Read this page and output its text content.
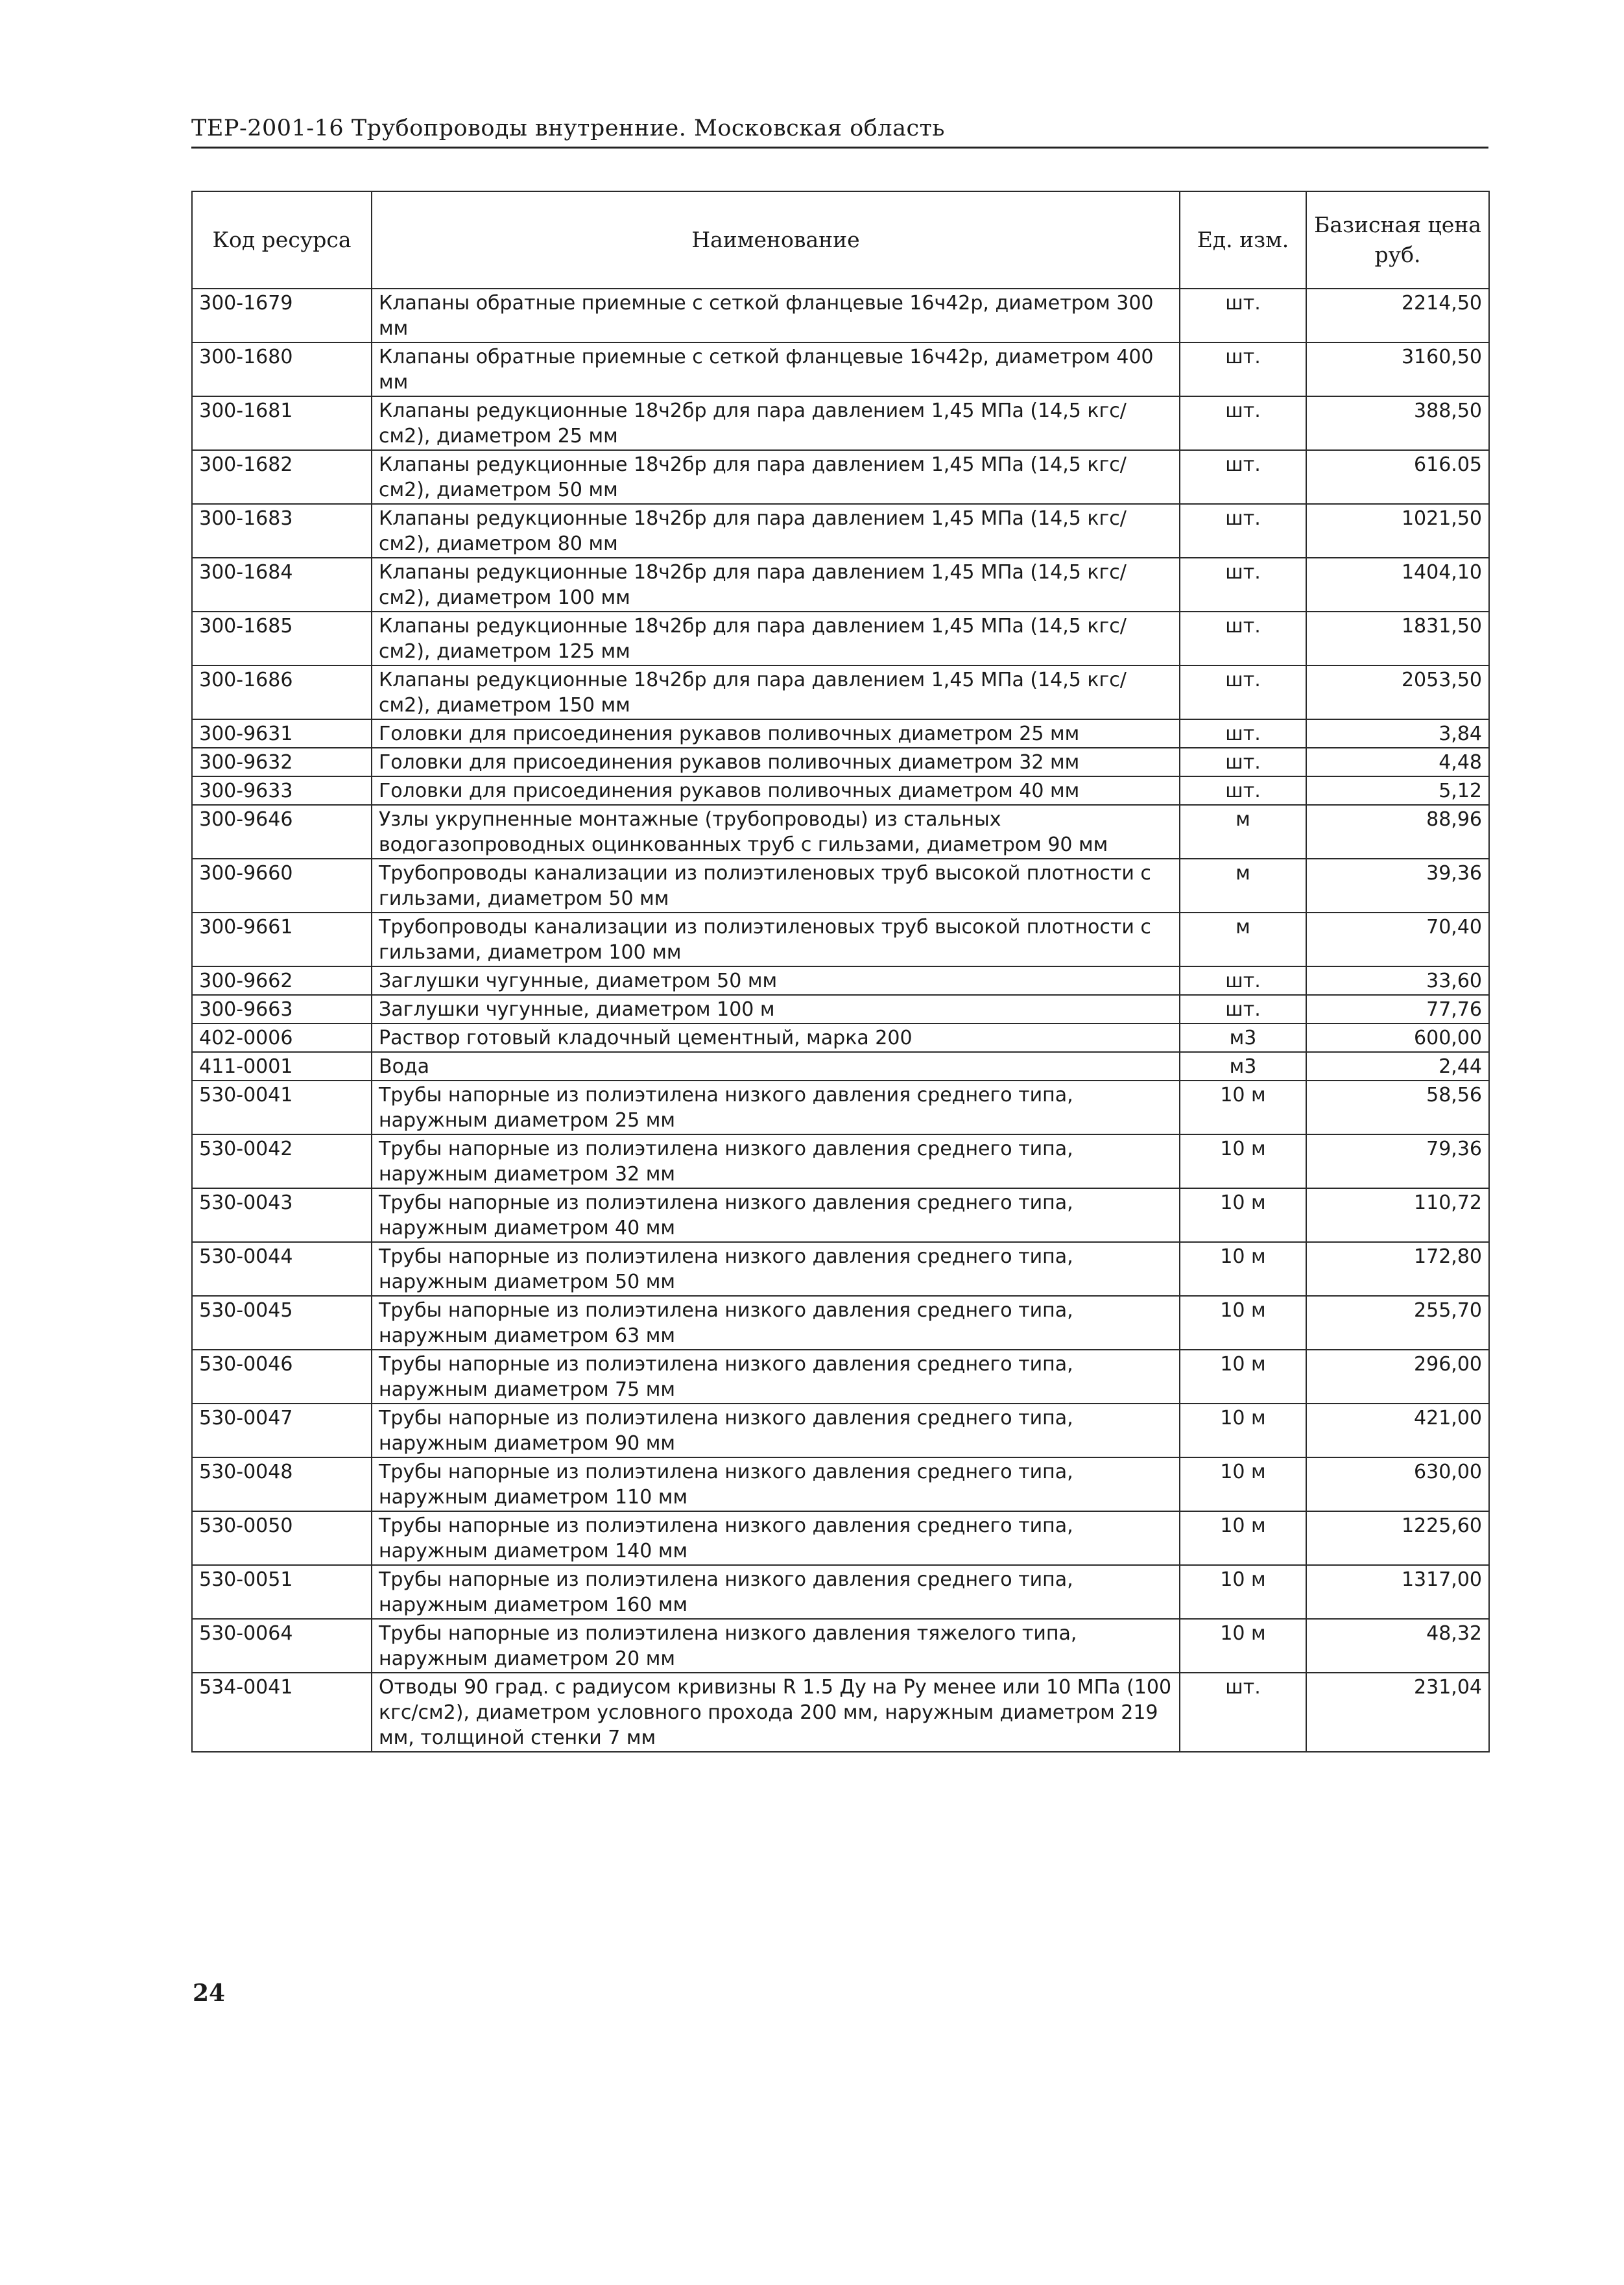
ТЕР-2001-16 Трубопроводы внутренние. Московская область
Код ресурса	Наименование	Ед. изм.	Базисная цена руб.
300-1679	Клапаны обратные приемные с сеткой фланцевые 16ч42р, диаметром 300 мм	шт.	2214,50
300-1680	Клапаны обратные приемные с сеткой фланцевые 16ч42р, диаметром 400 мм	шт.	3160,50
300-1681	Клапаны редукционные 18ч2бр для пара давлением 1,45 МПа (14,5 кгс/см2), диаметром 25 мм	шт.	388,50
300-1682	Клапаны редукционные 18ч2бр для пара давлением 1,45 МПа (14,5 кгс/см2), диаметром 50 мм	шт.	616.05
300-1683	Клапаны редукционные 18ч2бр для пара давлением 1,45 МПа (14,5 кгс/см2), диаметром 80 мм	шт.	1021,50
300-1684	Клапаны редукционные 18ч2бр для пара давлением 1,45 МПа (14,5 кгс/см2), диаметром 100 мм	шт.	1404,10
300-1685	Клапаны редукционные 18ч2бр для пара давлением 1,45 МПа (14,5 кгс/см2), диаметром 125 мм	шт.	1831,50
300-1686	Клапаны редукционные 18ч2бр для пара давлением 1,45 МПа (14,5 кгс/см2), диаметром 150 мм	шт.	2053,50
300-9631	Головки для присоединения рукавов поливочных диаметром 25 мм	шт.	3,84
300-9632	Головки для присоединения рукавов поливочных диаметром 32 мм	шт.	4,48
300-9633	Головки для присоединения рукавов поливочных диаметром 40 мм	шт.	5,12
300-9646	Узлы укрупненные монтажные (трубопроводы) из стальных водогазопроводных оцинкованных труб с гильзами, диаметром 90 мм	м	88,96
300-9660	Трубопроводы канализации из полиэтиленовых труб высокой плотности с гильзами, диаметром 50 мм	м	39,36
300-9661	Трубопроводы канализации из полиэтиленовых труб высокой плотности с гильзами, диаметром 100 мм	м	70,40
300-9662	Заглушки чугунные, диаметром 50 мм	шт.	33,60
300-9663	Заглушки чугунные, диаметром 100 м	шт.	77,76
402-0006	Раствор готовый кладочный цементный, марка 200	м3	600,00
411-0001	Вода	м3	2,44
530-0041	Трубы напорные из полиэтилена низкого давления среднего типа, наружным диаметром 25 мм	10 м	58,56
530-0042	Трубы напорные из полиэтилена низкого давления среднего типа, наружным диаметром 32 мм	10 м	79,36
530-0043	Трубы напорные из полиэтилена низкого давления среднего типа, наружным диаметром 40 мм	10 м	110,72
530-0044	Трубы напорные из полиэтилена низкого давления среднего типа, наружным диаметром 50 мм	10 м	172,80
530-0045	Трубы напорные из полиэтилена низкого давления среднего типа, наружным диаметром 63 мм	10 м	255,70
530-0046	Трубы напорные из полиэтилена низкого давления среднего типа, наружным диаметром 75 мм	10 м	296,00
530-0047	Трубы напорные из полиэтилена низкого давления среднего типа, наружным диаметром 90 мм	10 м	421,00
530-0048	Трубы напорные из полиэтилена низкого давления среднего типа, наружным диаметром 110 мм	10 м	630,00
530-0050	Трубы напорные из полиэтилена низкого давления среднего типа, наружным диаметром 140 мм	10 м	1225,60
530-0051	Трубы напорные из полиэтилена низкого давления среднего типа, наружным диаметром 160 мм	10 м	1317,00
530-0064	Трубы напорные из полиэтилена низкого давления тяжелого типа, наружным диаметром 20 мм	10 м	48,32
534-0041	Отводы 90 град. с радиусом кривизны R 1.5 Ду на Ру менее или 10 МПа (100 кгс/см2), диаметром условного прохода 200 мм, наружным диаметром 219 мм, толщиной стенки 7 мм	шт.	231,04
24
